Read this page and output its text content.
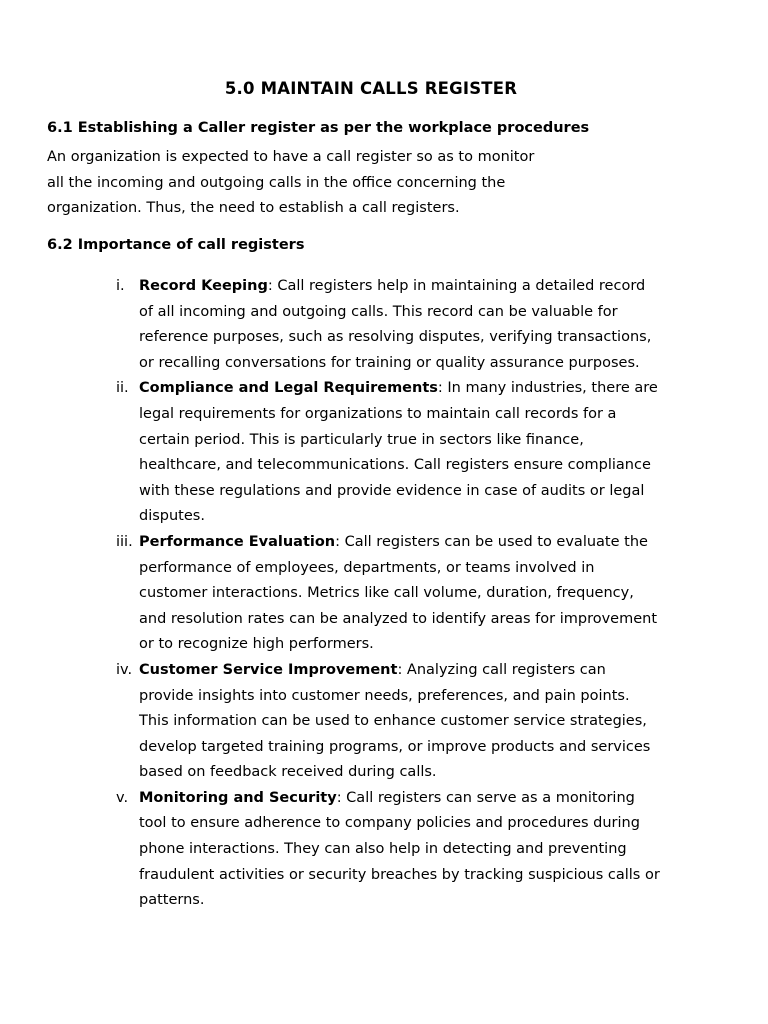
5.0 MAINTAIN CALLS REGISTER
6.1 Establishing a Caller register as per the workplace procedures
An organization is expected to have a call register so as to monitor
all the incoming and outgoing calls in the office concerning the
organization. Thus, the need to establish a call registers.
6.2 Importance of call registers
i. Record Keeping: Call registers help in maintaining a detailed record
of all incoming and outgoing calls. This record can be valuable for
reference purposes, such as resolving disputes, verifying transactions,
or recalling conversations for training or quality assurance purposes.
ii. Compliance and Legal Requirements: In many industries, there are
legal requirements for organizations to maintain call records for a
certain period. This is particularly true in sectors like finance,
healthcare, and telecommunications. Call registers ensure compliance
with these regulations and provide evidence in case of audits or legal
disputes.
iii. Performance Evaluation: Call registers can be used to evaluate the
performance of employees, departments, or teams involved in
customer interactions. Metrics like call volume, duration, frequency,
and resolution rates can be analyzed to identify areas for improvement
or to recognize high performers.
iv. Customer Service Improvement: Analyzing call registers can
provide insights into customer needs, preferences, and pain points.
This information can be used to enhance customer service strategies,
develop targeted training programs, or improve products and services
based on feedback received during calls.
v. Monitoring and Security: Call registers can serve as a monitoring
tool to ensure adherence to company policies and procedures during
phone interactions. They can also help in detecting and preventing
fraudulent activities or security breaches by tracking suspicious calls or
patterns.
